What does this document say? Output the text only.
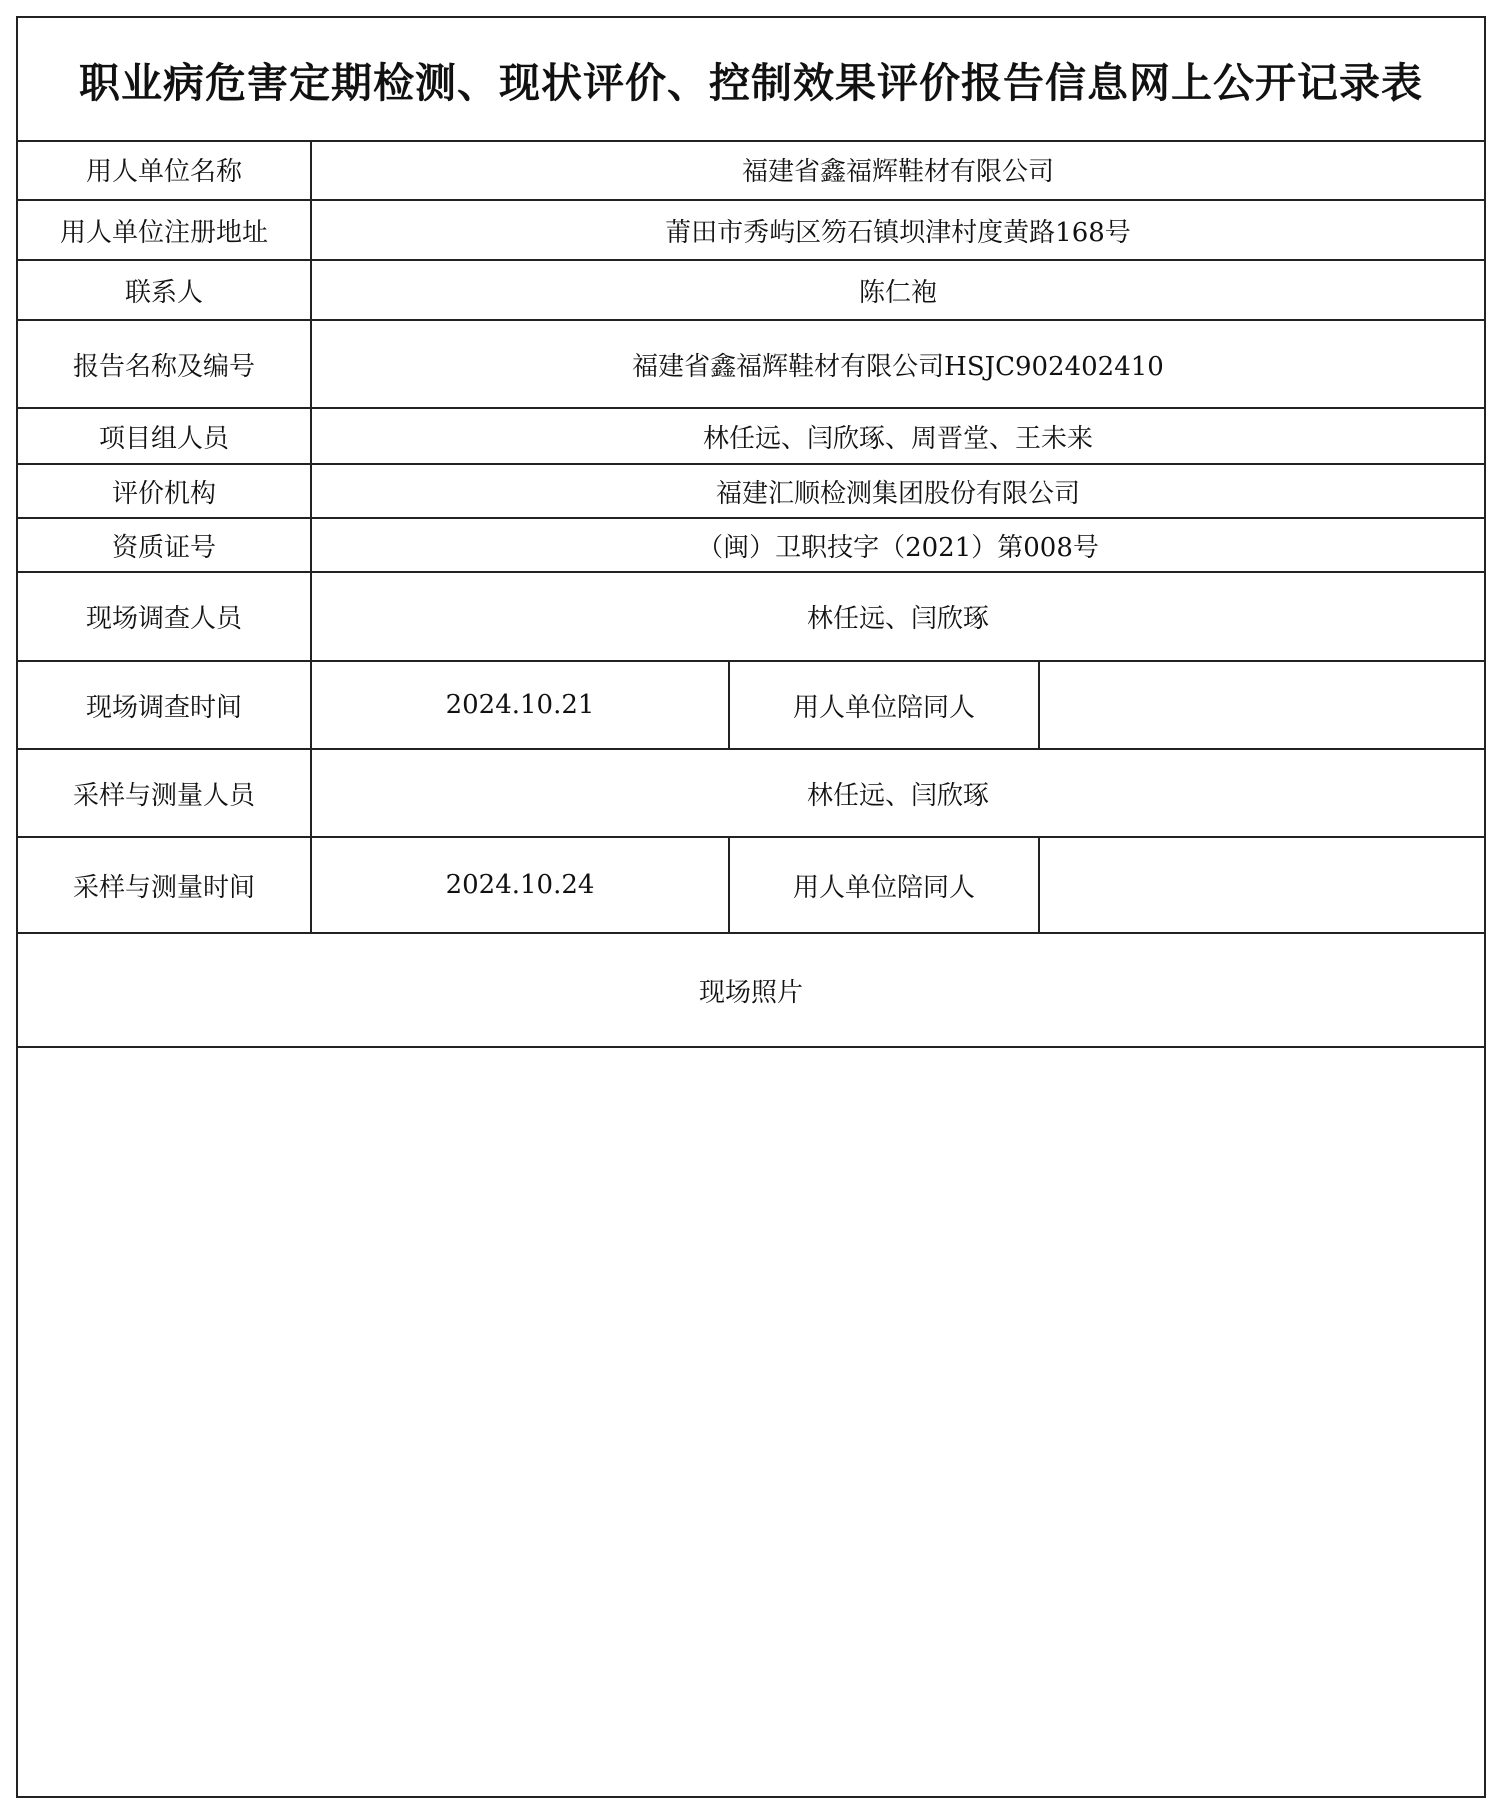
职业病危害定期检测、现状评价、控制效果评价报告信息网上公开记录表
用人单位名称	福建省鑫福辉鞋材有限公司		
用人单位注册地址	莆田市秀屿区笏石镇坝津村度黄路168号		
联系人	陈仁袍		
报告名称及编号	福建省鑫福辉鞋材有限公司HSJC902402410		
项目组人员	林任远、闫欣琢、周晋堂、王未来		
评价机构	福建汇顺检测集团股份有限公司		
资质证号	（闽）卫职技字（2021）第008号		
现场调查人员	林任远、闫欣琢		
现场调查时间	2024.10.21	用人单位陪同人	
采样与测量人员	林任远、闫欣琢		
采样与测量时间	2024.10.24	用人单位陪同人	
现场照片			
